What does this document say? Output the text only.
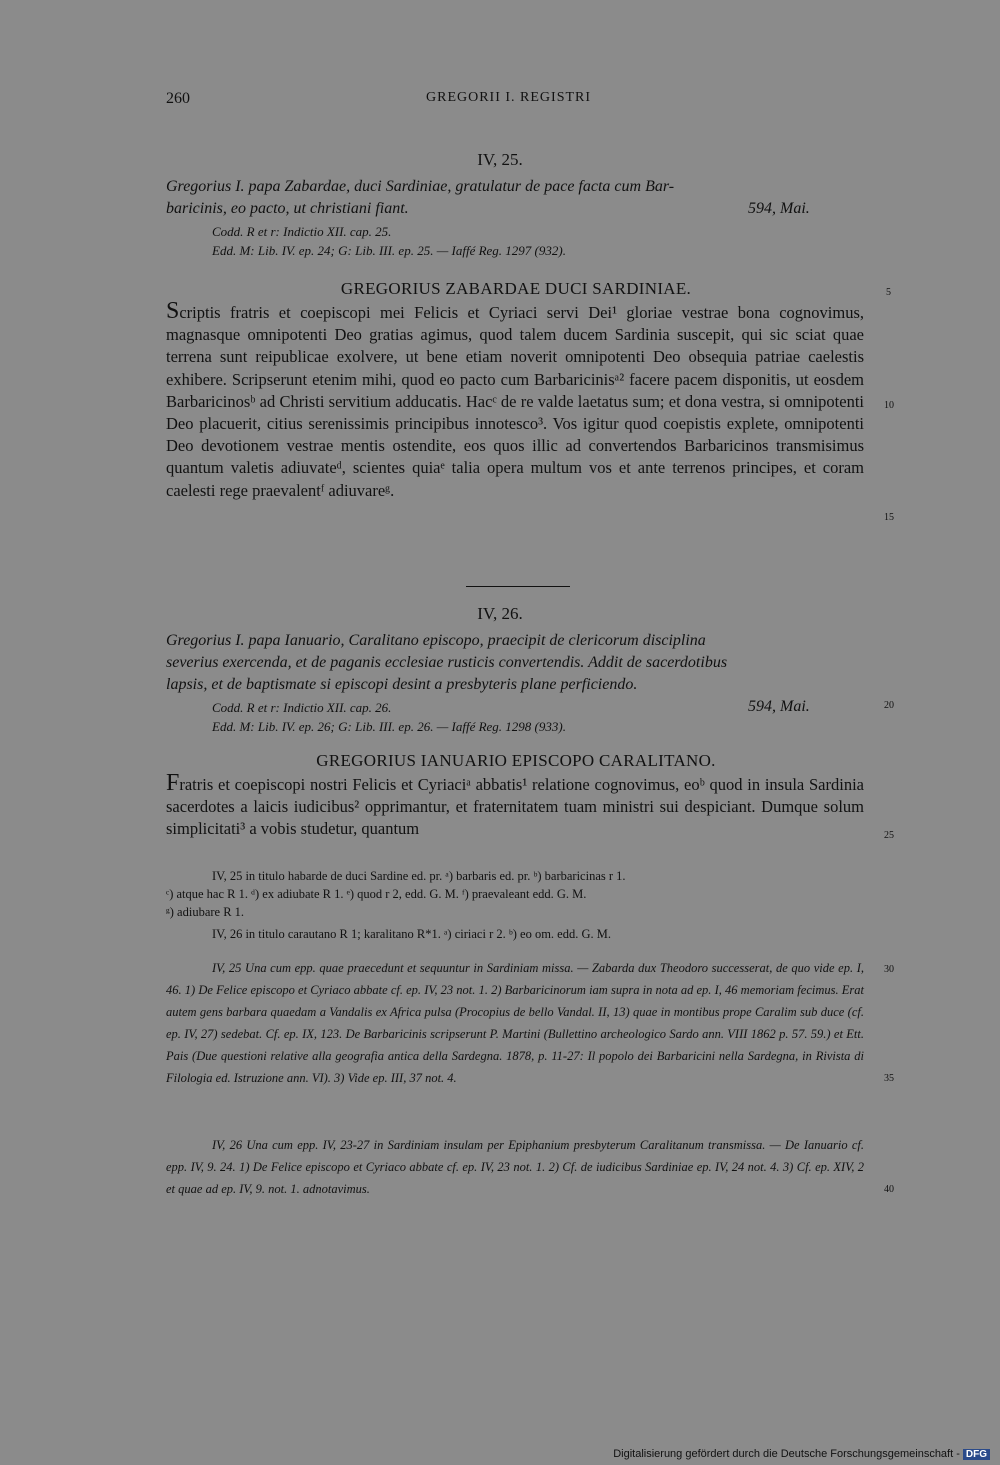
260	GREGORII I. REGISTRI
IV, 25.
Gregorius I. papa Zabardae, duci Sardiniae, gratulatur de pace facta cum Bar-
baricinis, eo pacto, ut christiani fiant.	594, Mai.
Codd. R et r: Indictio XII. cap. 25.
Edd. M: Lib. IV. ep. 24; G: Lib. III. ep. 25. — Iaffé Reg. 1297 (932).
GREGORIUS ZABARDAE DUCI SARDINIAE.
Scriptis fratris et coepiscopi mei Felicis et Cyriaci servi Dei¹ gloriae vestrae bona cognovimus, magnasque omnipotenti Deo gratias agimus, quod talem ducem Sardinia suscepit, qui sic sciat quae terrena sunt reipublicae exolvere, ut bene etiam noverit omnipotenti Deo obsequia patriae caelestis exhibere. Scripserunt etenim mihi, quod eo pacto cum Barbaricinisᵃ² facere pacem disponitis, ut eosdem Barbaricinosᵇ ad Christi servitium adducatis. Hacᶜ de re valde laetatus sum; et dona vestra, si omnipotenti Deo placuerit, citius serenissimis principibus innotesco³. Vos igitur quod coepistis explete, omnipotenti Deo devotionem vestrae mentis ostendite, eos quos illic ad convertendos Barbaricinos transmisimus quantum valetis adiuvateᵈ, scientes quiaᵉ talia opera multum vos et ante terrenos principes, et coram caelesti rege praevalentᶠ adiuvareᵍ.
IV, 26.
Gregorius I. papa Ianuario, Caralitano episcopo, praecipit de clericorum disciplina
severius exercenda, et de paganis ecclesiae rusticis convertendis. Addit de sacerdotibus
lapsis, et de baptismate si episcopi desint a presbyteris plane perficiendo.
Codd. R et r: Indictio XII. cap. 26.	594, Mai.
Edd. M: Lib. IV. ep. 26; G: Lib. III. ep. 26. — Iaffé Reg. 1298 (933).
GREGORIUS IANUARIO EPISCOPO CARALITANO.
Fratris et coepiscopi nostri Felicis et Cyriaciᵃ abbatis¹ relatione cognovimus, eoᵇ quod in insula Sardinia sacerdotes a laicis iudicibus² opprimantur, et fraternitatem tuam ministri sui despiciant. Dumque solum simplicitati³ a vobis studetur, quantum
IV, 25 in titulo habarde de duci Sardine ed. pr. ᵃ) barbaris ed. pr. ᵇ) barbaricinas r 1.
ᶜ) atque hac R 1. ᵈ) ex adiubate R 1. ᵉ) quod r 2, edd. G. M. ᶠ) praevaleant edd. G. M.
ᵍ) adiubare R 1.
IV, 26 in titulo carautano R 1; karalitano R*1. ᵃ) ciriaci r 2. ᵇ) eo om. edd. G. M.
IV, 25 Una cum epp. quae praecedunt et sequuntur in Sardiniam missa. — Zabarda dux Theodoro successerat, de quo vide ep. I, 46. 1) De Felice episcopo et Cyriaco abbate cf. ep. IV, 23 not. 1. 2) Barbaricinorum iam supra in nota ad ep. I, 46 memoriam fecimus. Erat autem gens barbara quaedam a Vandalis ex Africa pulsa (Procopius de bello Vandal. II, 13) quae in montibus prope Caralim sub duce (cf. ep. IV, 27) sedebat. Cf. ep. IX, 123. De Barbaricinis scripserunt P. Martini (Bullettino archeologico Sardo ann. VIII 1862 p. 57. 59.) et Ett. Pais (Due questioni relative alla geografia antica della Sardegna. 1878, p. 11-27: Il popolo dei Barbaricini nella Sardegna, in Rivista di Filologia ed. Istruzione ann. VI). 3) Vide ep. III, 37 not. 4.
IV, 26 Una cum epp. IV, 23-27 in Sardiniam insulam per Epiphanium presbyterum Caralitanum transmissa. — De Ianuario cf. epp. IV, 9. 24. 1) De Felice episcopo et Cyriaco abbate cf. ep. IV, 23 not. 1. 2) Cf. de iudicibus Sardiniae ep. IV, 24 not. 4. 3) Cf. ep. XIV, 2 et quae ad ep. IV, 9. not. 1. adnotavimus.
5
10
15
20
25
30
35
40
Digitalisierung gefördert durch die Deutsche Forschungsgemeinschaft - DFG
